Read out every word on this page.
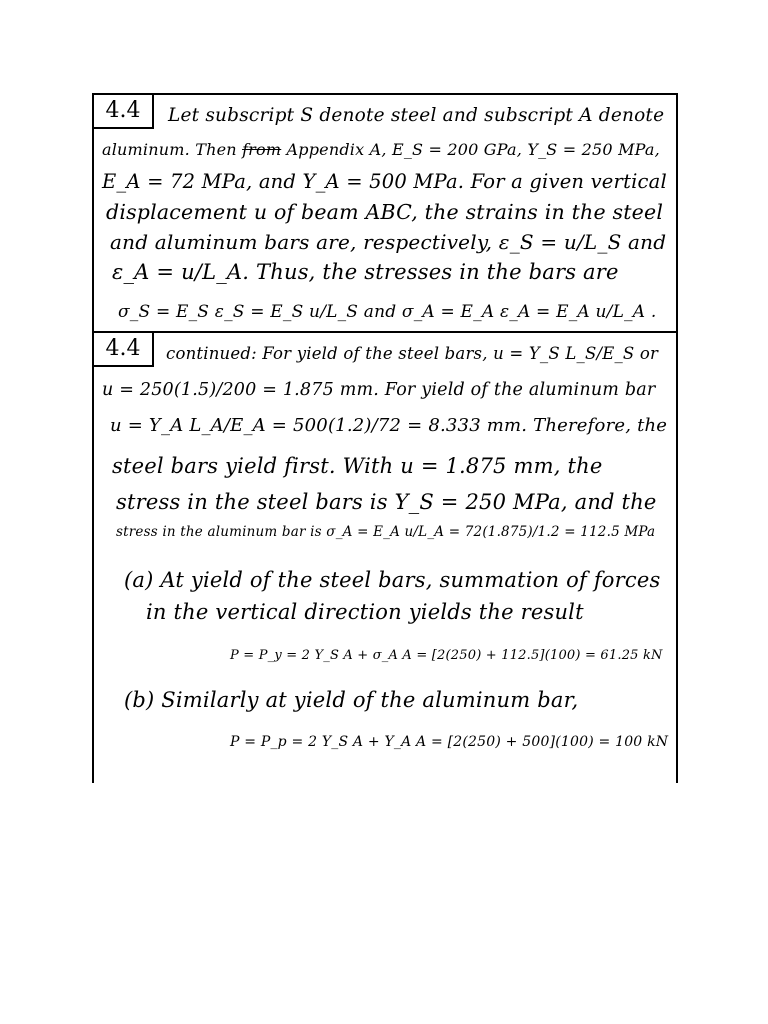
4.4	Let subscript S denote steel and subscript A denote
aluminum. Then from Appendix A, E_S = 200 GPa, Y_S = 250 MPa,
E_A = 72 MPa, and Y_A = 500 MPa. For a given vertical
displacement u of beam ABC, the strains in the steel
and aluminum bars are, respectively, ε_S = u/L_S and
ε_A = u/L_A. Thus, the stresses in the bars are
σ_S = E_S ε_S = E_S u/L_S and σ_A = E_A ε_A = E_A u/L_A .
4.4	continued: For yield of the steel bars, u = Y_S L_S/E_S or
u = 250(1.5)/200 = 1.875 mm. For yield of the aluminum bar
u = Y_A L_A/E_A = 500(1.2)/72 = 8.333 mm. Therefore, the
steel bars yield first. With u = 1.875 mm, the
stress in the steel bars is Y_S = 250 MPa, and the
stress in the aluminum bar is σ_A = E_A u/L_A = 72(1.875)/1.2 = 112.5 MPa
(a) At yield of the steel bars, summation of forces
in the vertical direction yields the result
P = P_y = 2 Y_S A + σ_A A = [2(250) + 112.5](100) = 61.25 kN
(b) Similarly at yield of the aluminum bar,
P = P_p = 2 Y_S A + Y_A A = [2(250) + 500](100) = 100 kN
